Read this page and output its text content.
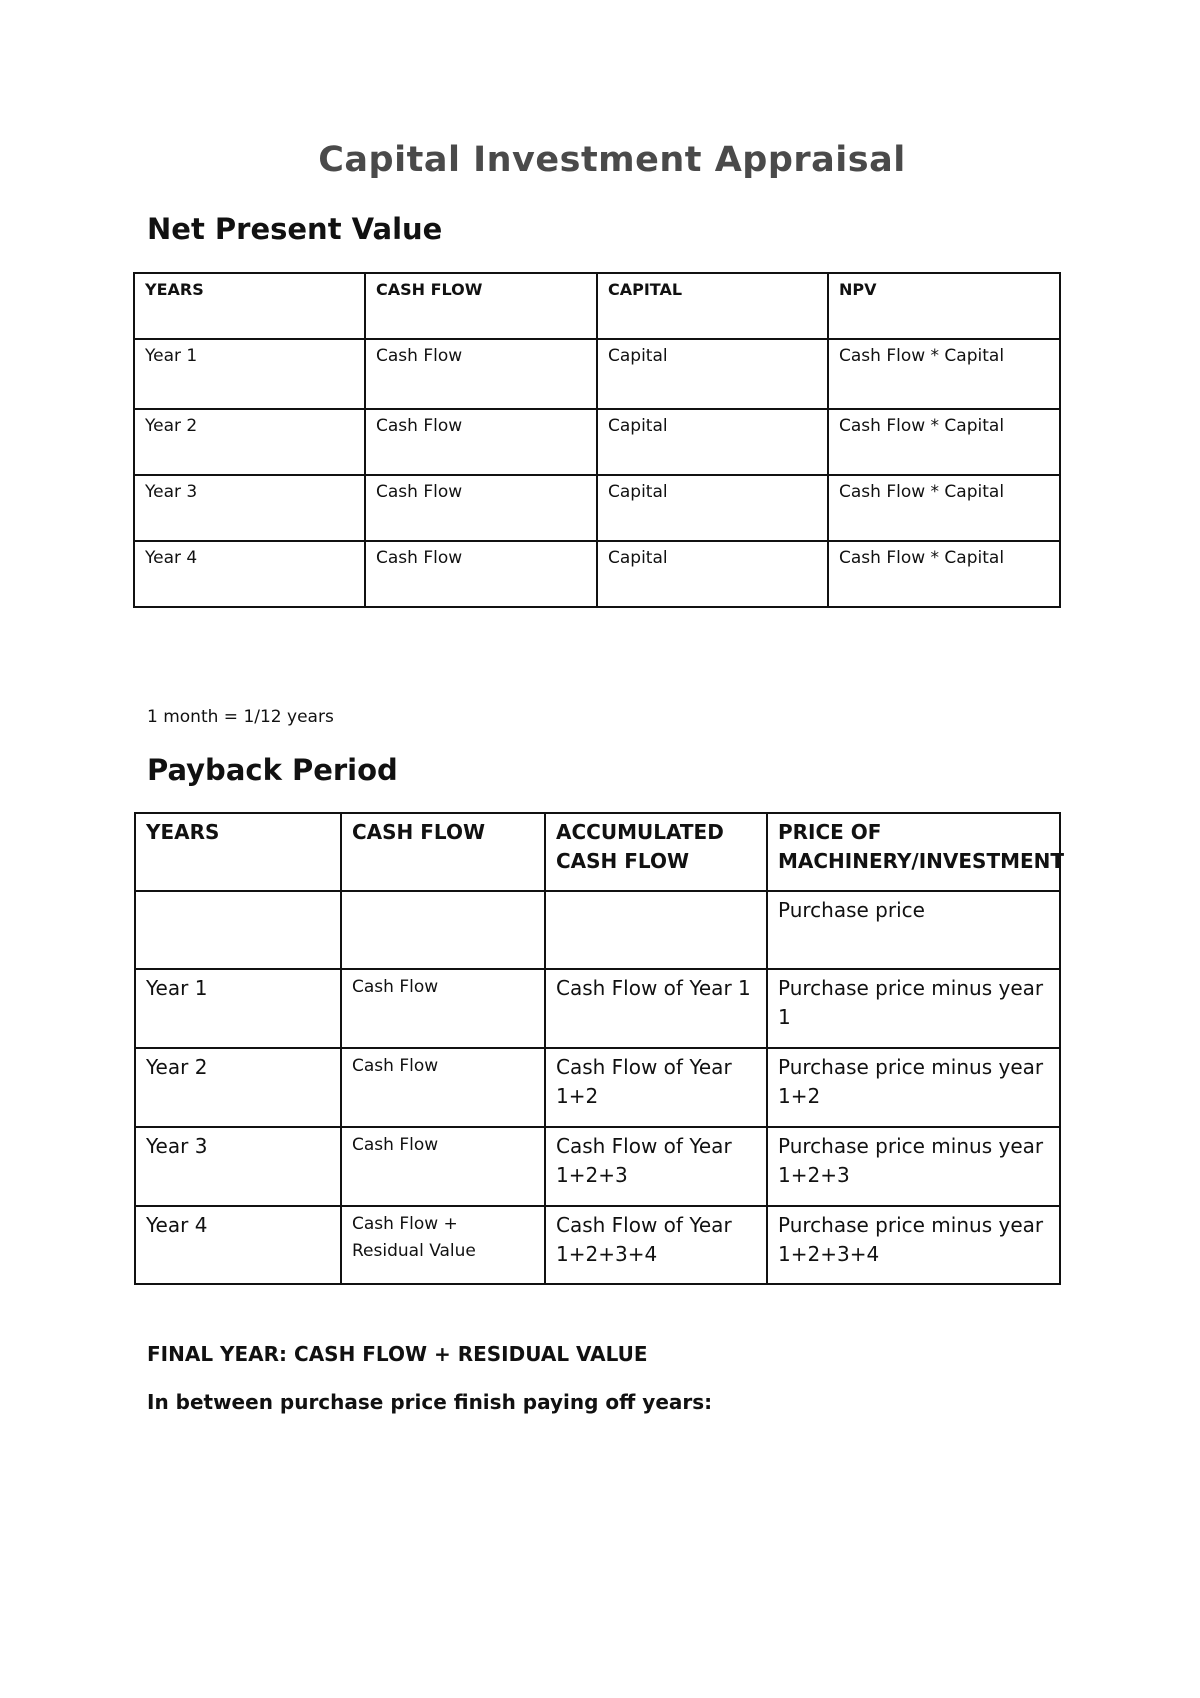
Capital Investment Appraisal
Net Present Value
YEARS	CASH FLOW	CAPITAL	NPV
Year 1	Cash Flow	Capital	Cash Flow * Capital
Year 2	Cash Flow	Capital	Cash Flow * Capital
Year 3	Cash Flow	Capital	Cash Flow * Capital
Year 4	Cash Flow	Capital	Cash Flow * Capital
1 month = 1/12 years
Payback Period
YEARS	CASH FLOW	ACCUMULATED CASH FLOW	PRICE OF MACHINERY/INVESTMENT
			Purchase price
Year 1	Cash Flow	Cash Flow of Year 1	Purchase price minus year 1
Year 2	Cash Flow	Cash Flow of Year 1+2	Purchase price minus year 1+2
Year 3	Cash Flow	Cash Flow of Year 1+2+3	Purchase price minus year 1+2+3
Year 4	Cash Flow + Residual Value	Cash Flow of Year 1+2+3+4	Purchase price minus year 1+2+3+4
FINAL YEAR: CASH FLOW + RESIDUAL VALUE
In between purchase price finish paying off years:
